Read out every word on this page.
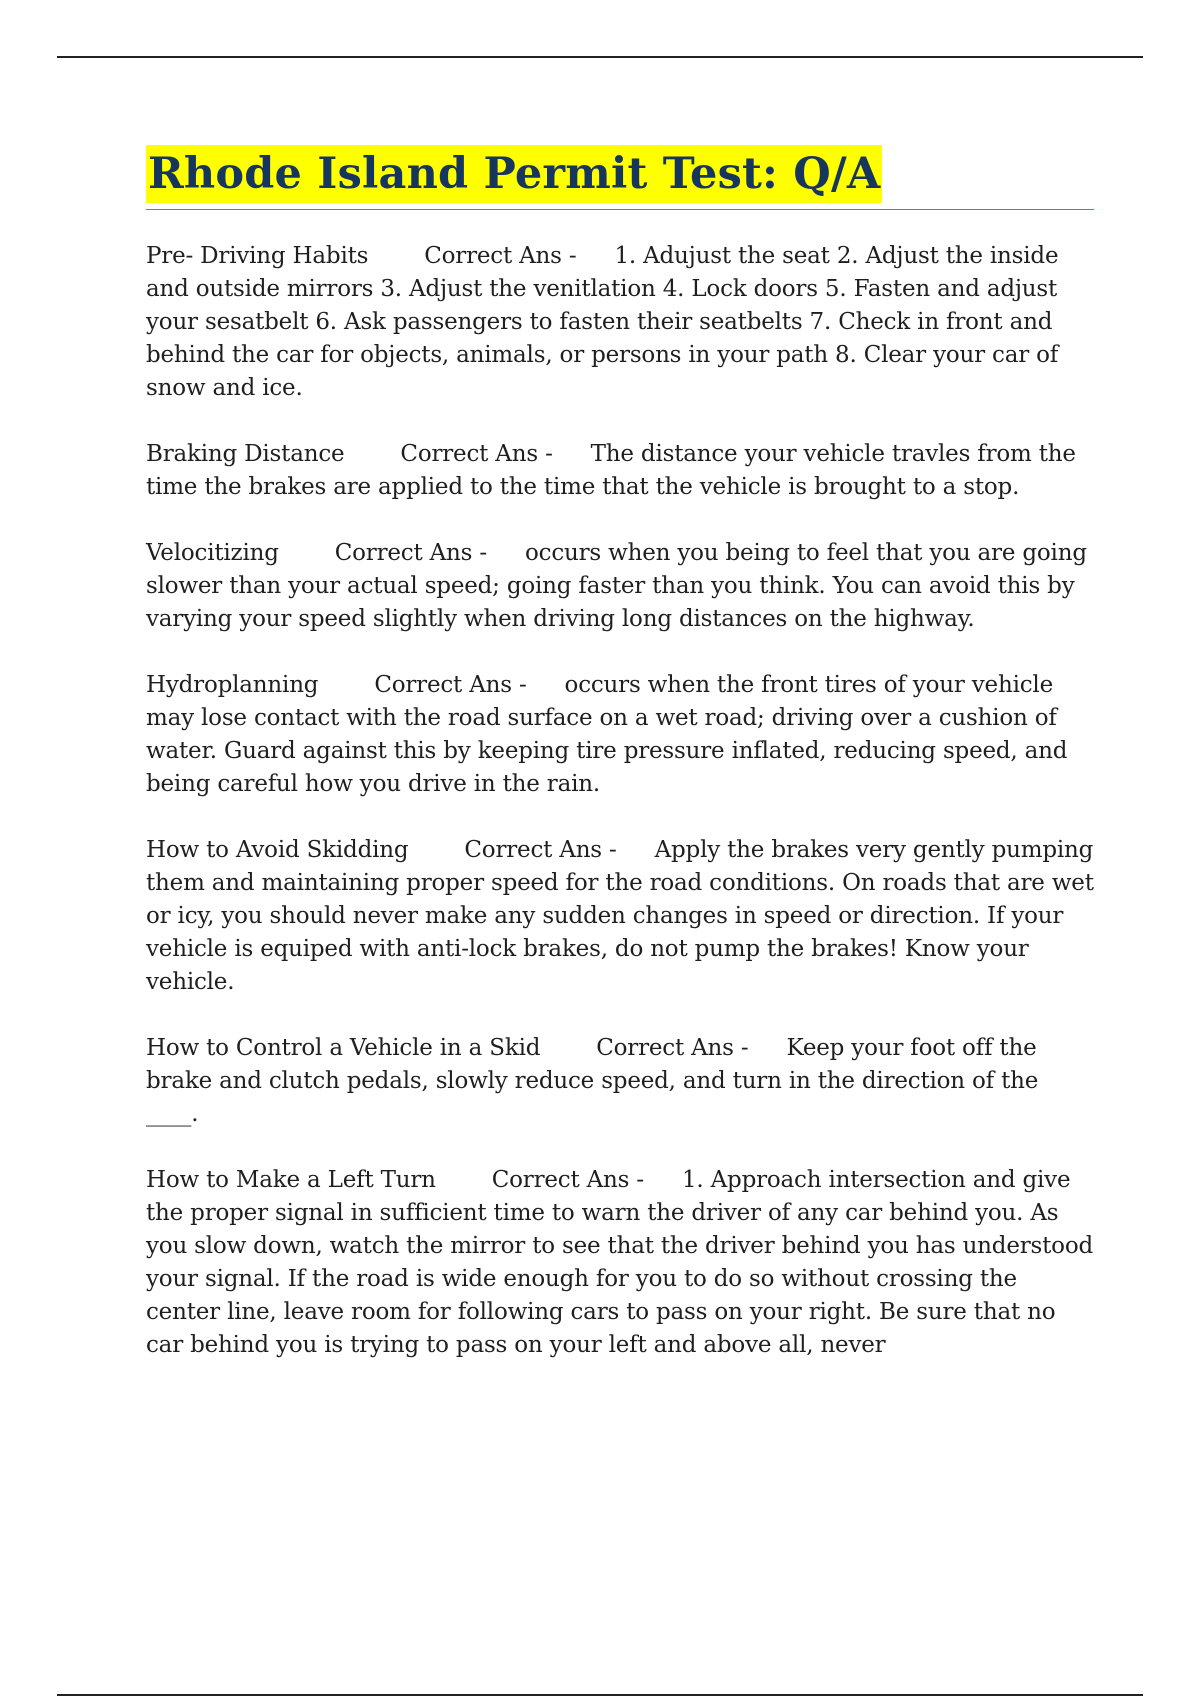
Rhode Island Permit Test: Q/A
Pre- Driving Habits Correct Ans - 1. Adujust the seat 2. Adjust the inside and outside mirrors 3. Adjust the venitlation 4. Lock doors 5. Fasten and adjust your sesatbelt 6. Ask passengers to fasten their seatbelts 7. Check in front and behind the car for objects, animals, or persons in your path 8. Clear your car of snow and ice.
Braking Distance Correct Ans - The distance your vehicle travles from the time the brakes are applied to the time that the vehicle is brought to a stop.
Velocitizing Correct Ans - occurs when you being to feel that you are going slower than your actual speed; going faster than you think. You can avoid this by varying your speed slightly when driving long distances on the highway.
Hydroplanning Correct Ans - occurs when the front tires of your vehicle may lose contact with the road surface on a wet road; driving over a cushion of water. Guard against this by keeping tire pressure inflated, reducing speed, and being careful how you drive in the rain.
How to Avoid Skidding Correct Ans - Apply the brakes very gently pumping them and maintaining proper speed for the road conditions. On roads that are wet or icy, you should never make any sudden changes in speed or direction. If your vehicle is equiped with anti-lock brakes, do not pump the brakes! Know your vehicle.
How to Control a Vehicle in a Skid Correct Ans - Keep your foot off the brake and clutch pedals, slowly reduce speed, and turn in the direction of the ____.
How to Make a Left Turn Correct Ans - 1. Approach intersection and give the proper signal in sufficient time to warn the driver of any car behind you. As you slow down, watch the mirror to see that the driver behind you has understood your signal. If the road is wide enough for you to do so without crossing the center line, leave room for following cars to pass on your right. Be sure that no car behind you is trying to pass on your left and above all, never
